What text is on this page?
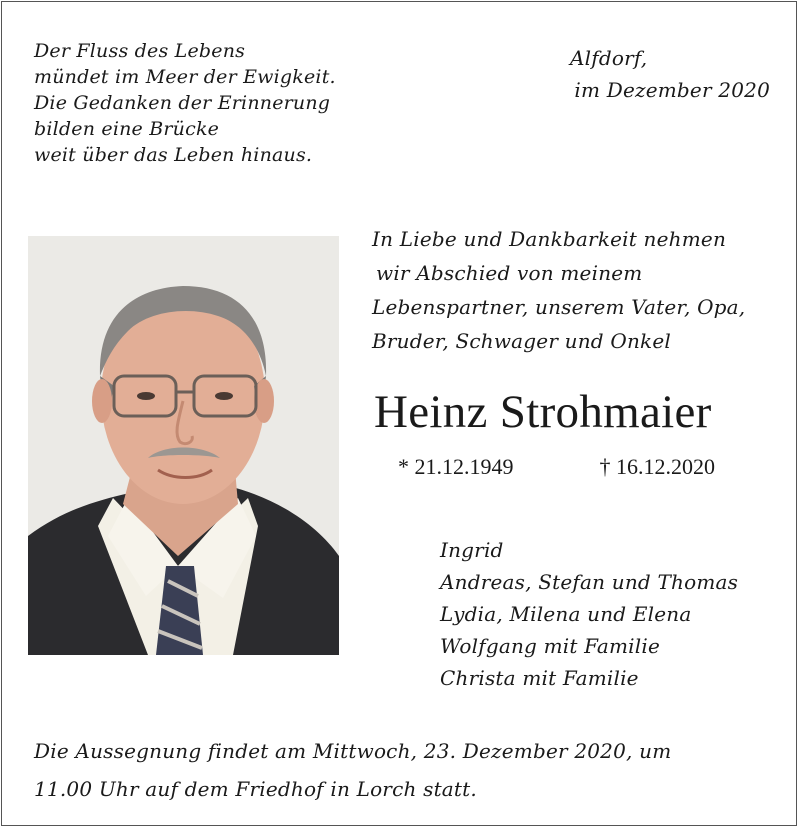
Der Fluss des Lebens
mündet im Meer der Ewigkeit.
Die Gedanken der Erinnerung
bilden eine Brücke
weit über das Leben hinaus.
Alfdorf,
im Dezember 2020
In Liebe und Dankbarkeit nehmen
wir Abschied von meinem
Lebenspartner, unserem Vater, Opa,
Bruder, Schwager und Onkel
Heinz Strohmaier
* 21.12.1949	† 16.12.2020
Ingrid
Andreas, Stefan und Thomas
Lydia, Milena und Elena
Wolfgang mit Familie
Christa mit Familie
Die Aussegnung findet am Mittwoch, 23. Dezember 2020, um
11.00 Uhr auf dem Friedhof in Lorch statt.
